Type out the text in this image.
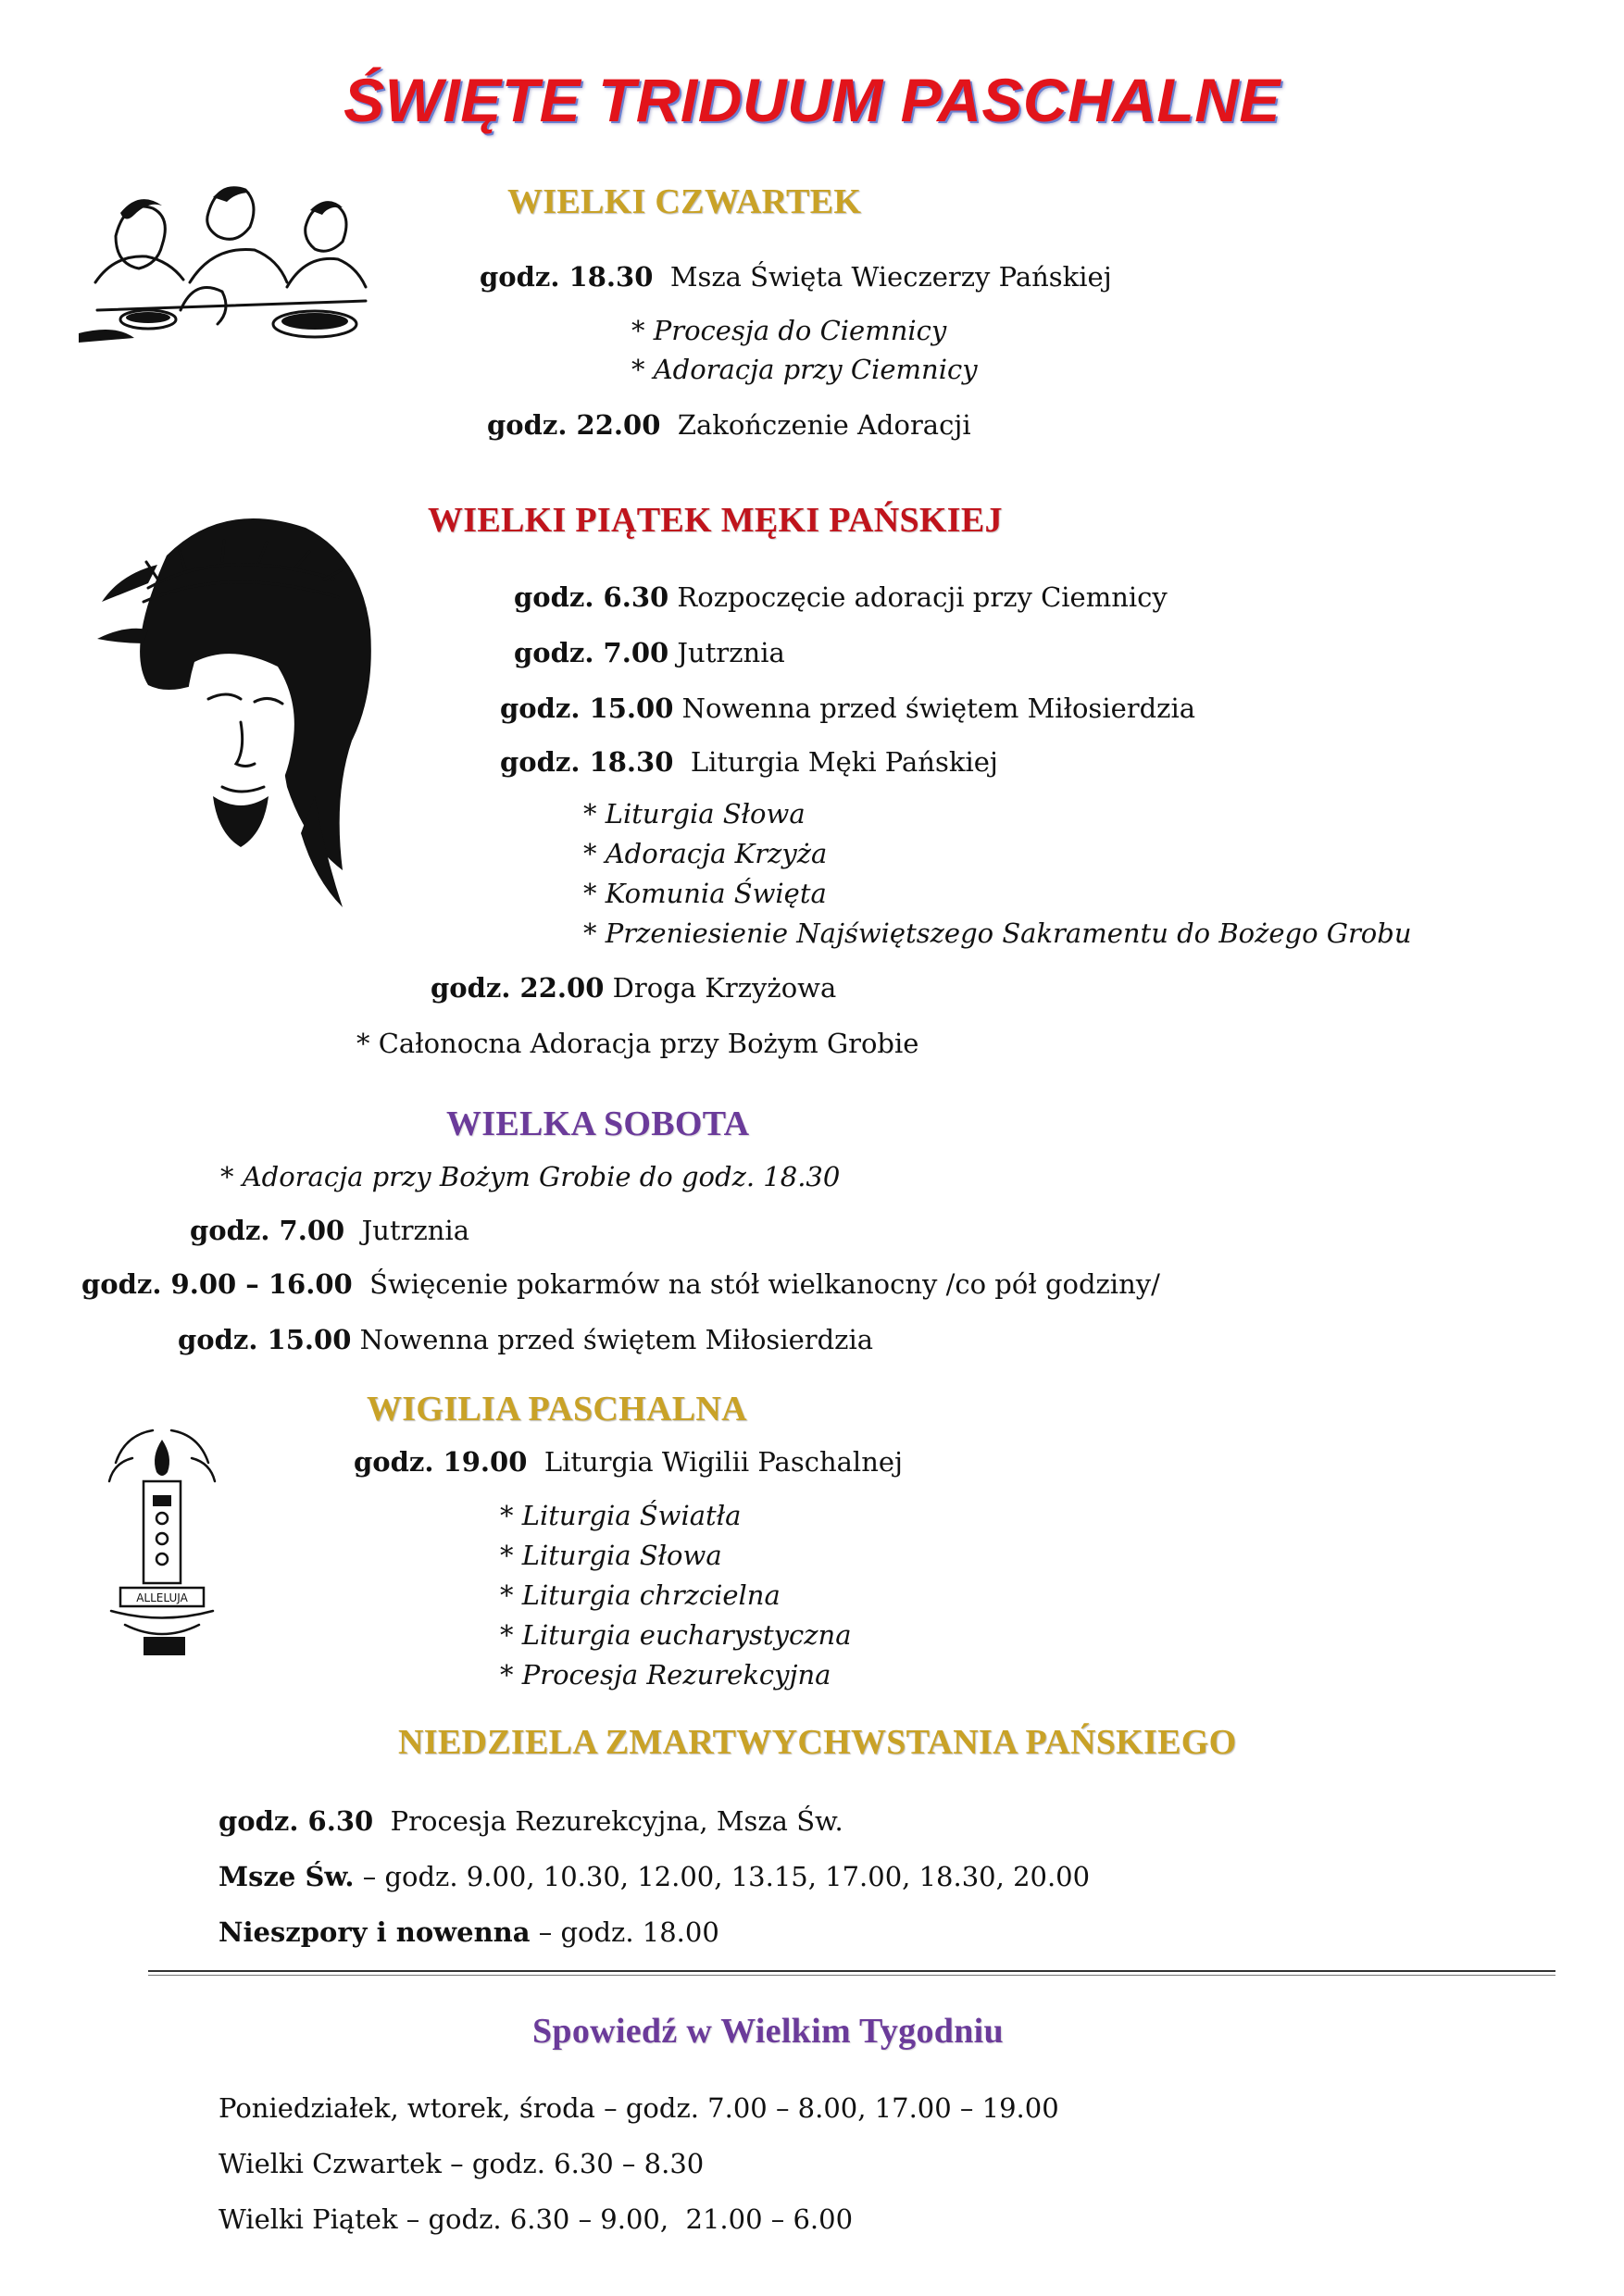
ŚWIĘTE TRIDUUM PASCHALNE
WIELKI CZWARTEK
godz. 18.30 Msza Święta Wieczerzy Pańskiej
* Procesja do Ciemnicy
* Adoracja przy Ciemnicy
godz. 22.00 Zakończenie Adoracji
WIELKI PIĄTEK MĘKI PAŃSKIEJ
godz. 6.30 Rozpoczęcie adoracji przy Ciemnicy
godz. 7.00 Jutrznia
godz. 15.00 Nowenna przed świętem Miłosierdzia
godz. 18.30 Liturgia Męki Pańskiej
* Liturgia Słowa
* Adoracja Krzyża
* Komunia Święta
* Przeniesienie Najświętszego Sakramentu do Bożego Grobu
godz. 22.00 Droga Krzyżowa
* Całonocna Adoracja przy Bożym Grobie
WIELKA SOBOTA
* Adoracja przy Bożym Grobie do godz. 18.30
godz. 7.00 Jutrznia
godz. 9.00 – 16.00 Święcenie pokarmów na stół wielkanocny /co pół godziny/
godz. 15.00 Nowenna przed świętem Miłosierdzia
ALLELUJA
WIGILIA PASCHALNA
godz. 19.00 Liturgia Wigilii Paschalnej
* Liturgia Światła
* Liturgia Słowa
* Liturgia chrzcielna
* Liturgia eucharystyczna
* Procesja Rezurekcyjna
NIEDZIELA ZMARTWYCHWSTANIA PAŃSKIEGO
godz. 6.30 Procesja Rezurekcyjna, Msza Św.
Msze Św. – godz. 9.00, 10.30, 12.00, 13.15, 17.00, 18.30, 20.00
Nieszpory i nowenna – godz. 18.00
Spowiedź w Wielkim Tygodniu
Poniedziałek, wtorek, środa – godz. 7.00 – 8.00, 17.00 – 19.00
Wielki Czwartek – godz. 6.30 – 8.30
Wielki Piątek – godz. 6.30 – 9.00,  21.00 – 6.00
